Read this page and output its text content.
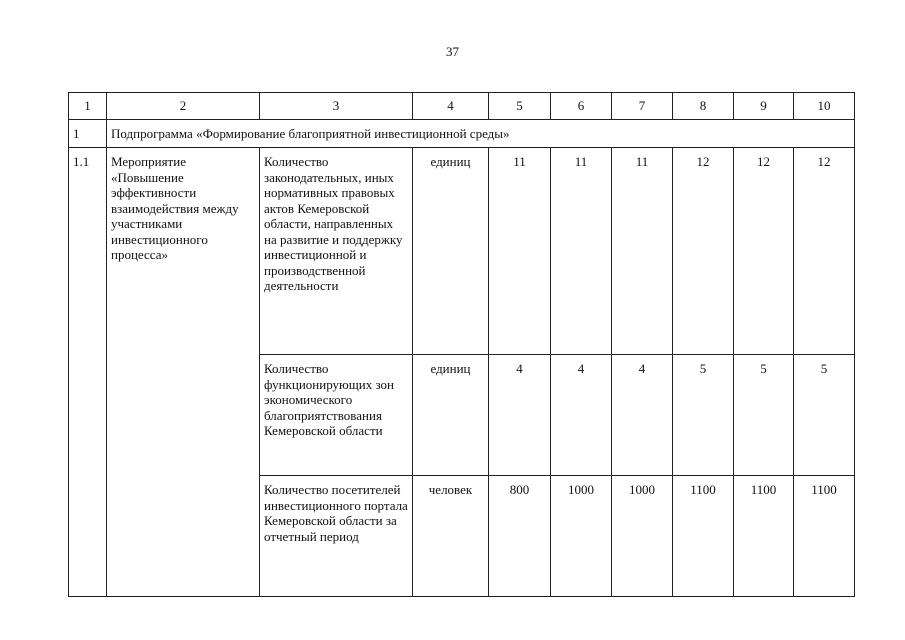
37
1	2	3	4	5	6	7	8	9	10
1	Подпрограмма «Формирование благоприятной инвестиционной среды»								
1.1	Мероприятие «Повышение эффективности взаимодействия между участниками инвестиционного процесса»	Количество законодательных, иных нормативных правовых актов Кемеровской области, направленных на развитие и поддержку инвестиционной и производственной деятельности	единиц	11	11	11	12	12	12
		Количество функционирующих зон экономического благоприятствования Кемеровской области	единиц	4	4	4	5	5	5
		Количество посетителей инвестиционного портала Кемеровской области за отчетный период	человек	800	1000	1000	1100	1100	1100
